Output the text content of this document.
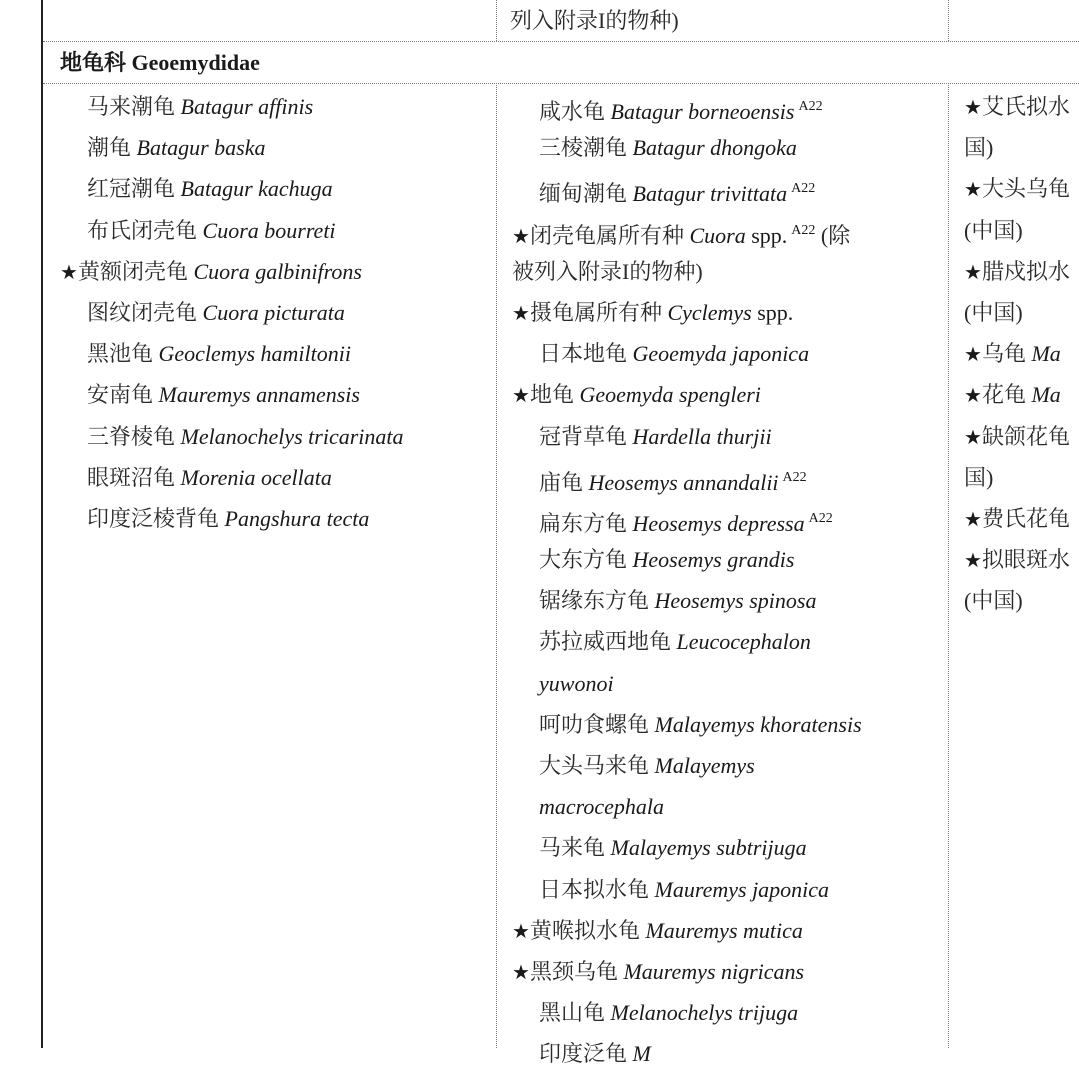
列入附录I的物种)
地龟科 Geoemydidae
马来潮龟 Batagur affinis
潮龟 Batagur baska
红冠潮龟 Batagur kachuga
布氏闭壳龟 Cuora bourreti
★黄额闭壳龟 Cuora galbinifrons
图纹闭壳龟 Cuora picturata
黑池龟 Geoclemys hamiltonii
安南龟 Mauremys annamensis
三脊棱龟 Melanochelys tricarinata
眼斑沼龟 Morenia ocellata
印度泛棱背龟 Pangshura tecta
咸水龟 Batagur borneoensis $^{A22}$
三棱潮龟 Batagur dhongoka
缅甸潮龟 Batagur trivittata $^{A22}$
★闭壳龟属所有种 Cuora spp. $^{A22}$ (除
被列入附录I的物种)
★摄龟属所有种 Cyclemys spp.
日本地龟 Geoemyda japonica
★地龟 Geoemyda spengleri
冠背草龟 Hardella thurjii
庙龟 Heosemys annandalii $^{A22}$
扁东方龟 Heosemys depressa $^{A22}$
大东方龟 Heosemys grandis
锯缘东方龟 Heosemys spinosa
苏拉威西地龟 Leucocephalon
yuwonoi
呵叻食螺龟 Malayemys khoratensis
大头马来龟 Malayemys
macrocephala
马来龟 Malayemys subtrijuga
日本拟水龟 Mauremys japonica
★黄喉拟水龟 Mauremys mutica
★黑颈乌龟 Mauremys nigricans
黑山龟 Melanochelys trijuga
印度泛龟 M
★艾氏拟水
国)
★大头乌龟
(中国)
★腊戍拟水
(中国)
★乌龟 Ma
★花龟 Ma
★缺颌花龟
国)
★费氏花龟
★拟眼斑水
(中国)
